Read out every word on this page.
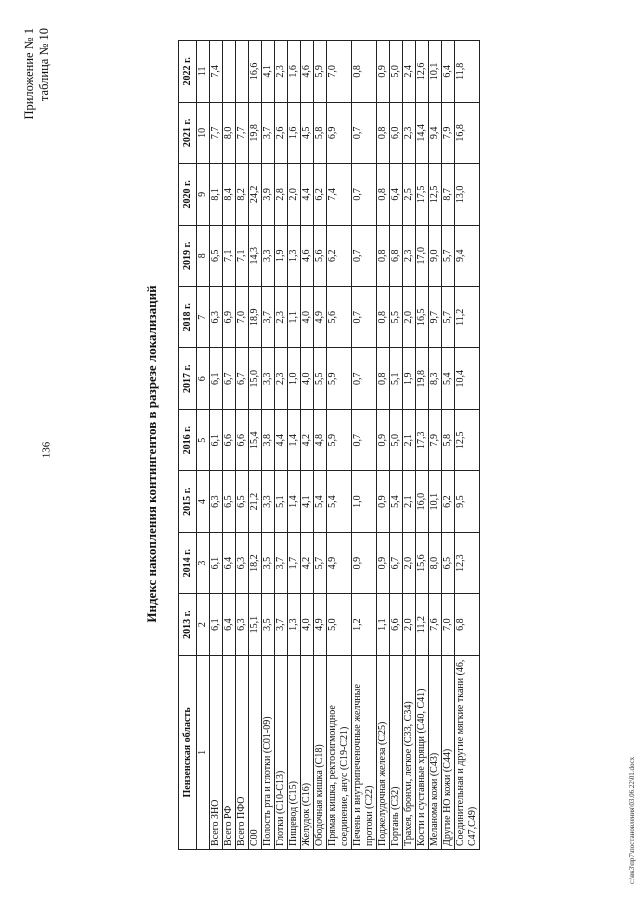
136
Приложение № 1 таблица № 10
Индекс накопления контингентов в разрезе локализаций
Пензенская область	2013 г.	2014 г.	2015 г.	2016 г.	2017 г.	2018 г.	2019 г.	2020 г.	2021 г.	2022 г.
1	2	3	4	5	6	7	8	9	10	11
Всего ЗНО	6,1	6,1	6,3	6,1	6,1	6,3	6,5	8,1	7,7	7,4
Всего РФ	6,4	6,4	6,5	6,6	6,7	6,9	7,1	8,4	8,0	
Всего ПФО	6,3	6,3	6,5	6,6	6,7	7,0	7,1	8,2	7,7	
С00	15,1	18,2	21,2	15,4	15,0	18,9	14,3	24,2	19,8	16,6
Полость рта и глотки (С01-09)	3,5	3,5	3,3	3,8	3,3	3,7	3,3	3,9	3,7	4,1
Глотки (С10-С13)	3,7	3,7	5,1	4,4	2,3	2,3	1,9	2,8	2,6	2,3
Пищевод (С15)	1,3	1,7	1,4	1,4	1,0	1,1	1,3	2,0	1,6	1,6
Желудок (С16)	4,0	4,2	4,1	4,2	4,0	4,0	4,6	4,4	4,5	4,6
Ободочная кишка (С18)	4,9	5,7	5,4	4,8	5,5	4,9	5,6	6,2	5,8	5,9
Прямая кишка, ректосигмоидное соединение, анус (С19-С21)	5,0	4,9	5,4	5,9	5,9	5,6	6,2	7,4	6,9	7,0
Печень и внутрипеченочные желчные протоки (С22)	1,2	0,9	1,0	0,7	0,7	0,7	0,7	0,7	0,7	0,8
Поджелудочная железа (С25)	1,1	0,9	0,9	0,9	0,8	0,8	0,8	0,8	0,8	0,9
Гортань (С32)	6,6	6,7	5,4	5,0	5,1	5,5	6,8	6,4	6,0	5,0
Трахея, бронхи, легкое (С33, С34)	2,0	2,0	2,1	2,1	1,9	2,0	2,3	2,5	2,3	2,4
Кости и суставные хрящи (С40, С41)	11,2	15,6	16,0	17,3	19,8	16,5	17,0	17,5	14,4	12,6
Меланома кожи (С43)	7,6	8,0	10,1	7,9	8,3	9,7	9,0	12,5	9,4	10,1
Другие НО кожи (С44)	7,0	6,5	6,2	5,8	5,4	5,7	5,7	8,7	7,9	6,4
Соединительная и другие мягкие ткани (46, С47,С49)	6,8	12,3	9,5	12,5	10,4	11,2	9,4	13,0	16,8	11,8
c:\вк3\пр7\постановления\03.06.22\01.docx
